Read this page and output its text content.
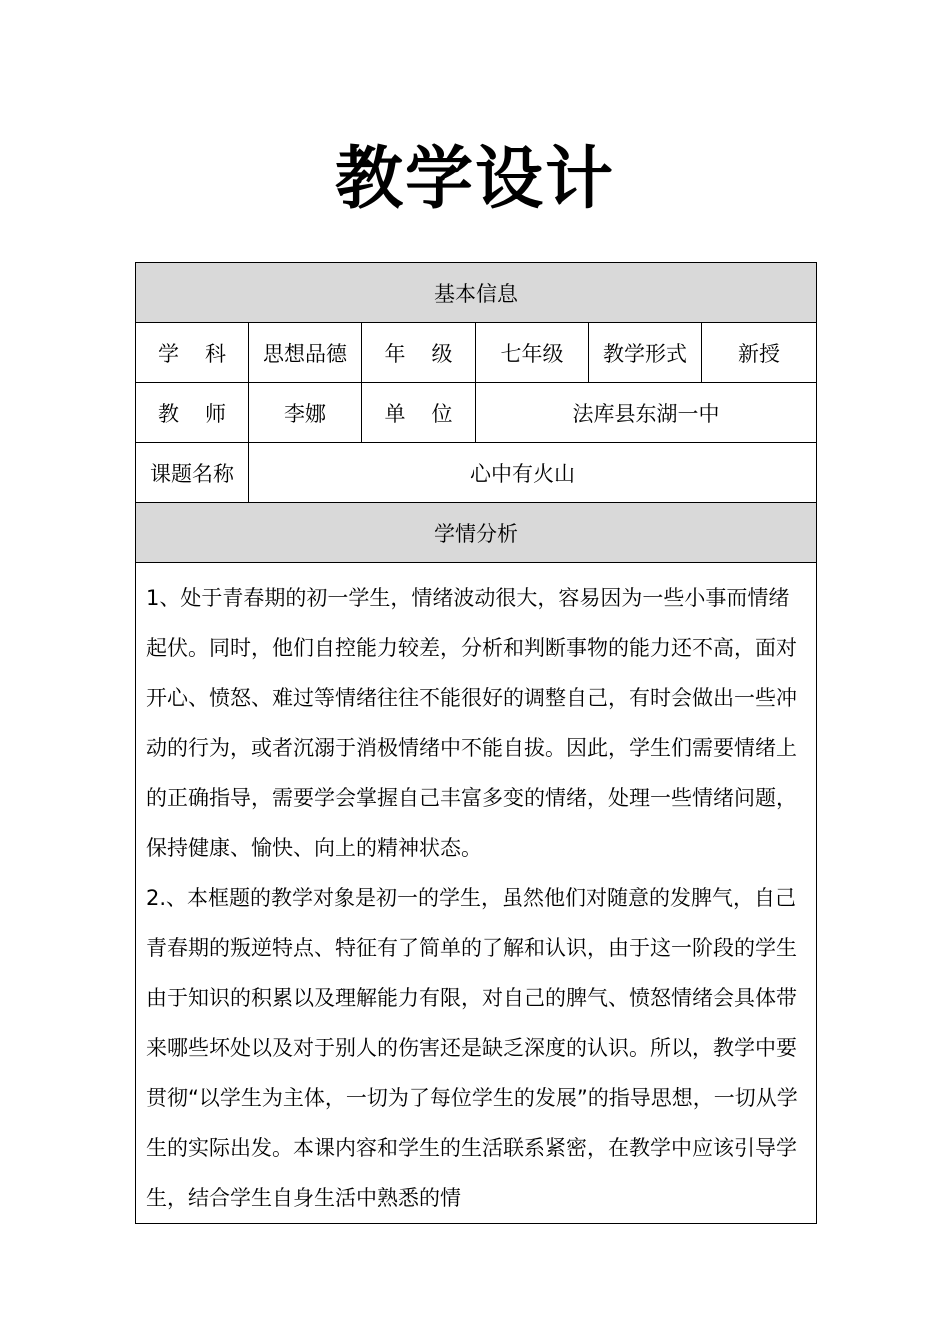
教学设计
基本信息					
学 科	思想品德	年 级	七年级	教学形式	新授
教 师	李娜	单 位	法库县东湖一中		
课题名称	心中有火山				
学情分析					

1、处于青春期的初一学生，情绪波动很大，容易因为一些小事而情绪起伏。同时，他们自控能力较差，分析和判断事物的能力还不高，面对开心、愤怒、难过等情绪往往不能很好的调整自己，有时会做出一些冲动的行为，或者沉溺于消极情绪中不能自拔。因此，学生们需要情绪上的正确指导，需要学会掌握自己丰富多变的情绪，处理一些情绪问题，保持健康、愉快、向上的精神状态。

2.、本框题的教学对象是初一的学生，虽然他们对随意的发脾气，自己青春期的叛逆特点、特征有了简单的了解和认识，由于这一阶段的学生由于知识的积累以及理解能力有限，对自己的脾气、愤怒情绪会具体带来哪些坏处以及对于别人的伤害还是缺乏深度的认识。所以，教学中要贯彻“以学生为主体，一切为了每位学生的发展”的指导思想，一切从学生的实际出发。本课内容和学生的生活联系紧密，在教学中应该引导学生，结合学生自身生活中熟悉的情					
